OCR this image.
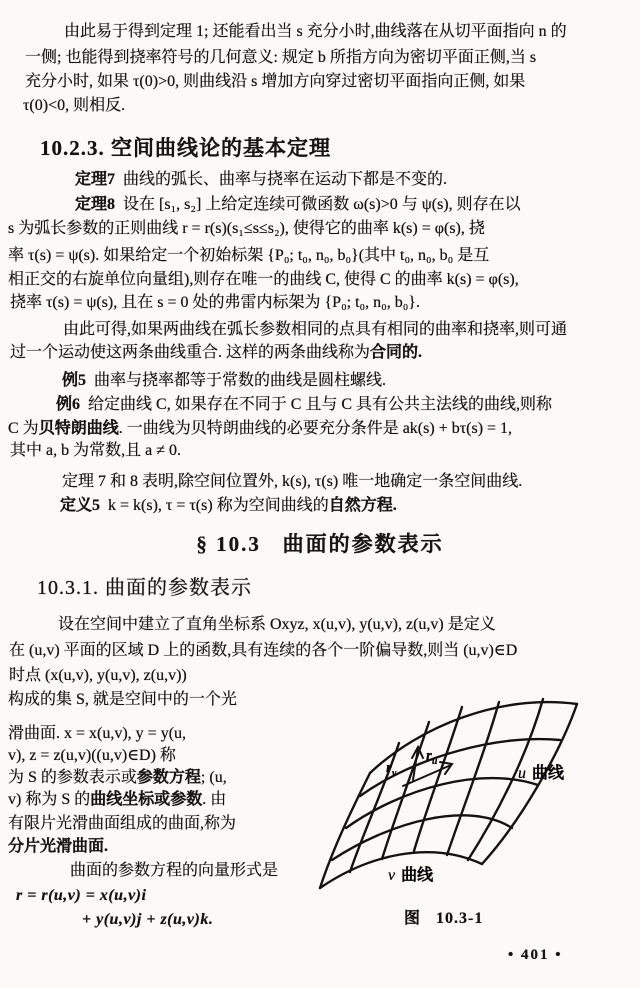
由此易于得到定理 1; 还能看出当 s 充分小时,曲线落在从切平面指向 n 的
一侧; 也能得到挠率符号的几何意义: 规定 b 所指方向为密切平面正侧,当 s
充分小时, 如果 τ(0)>0, 则曲线沿 s 增加方向穿过密切平面指向正侧, 如果
τ(0)<0, 则相反.
10.2.3. 空间曲线论的基本定理
定理7  曲线的弧长、曲率与挠率在运动下都是不变的.
定理8  设在 [s₁, s₂] 上给定连续可微函数 ω(s)>0 与 ψ(s), 则存在以
s 为弧长参数的正则曲线 r = r(s)(s₁≤s≤s₂), 使得它的曲率 k(s) = φ(s), 挠
率 τ(s) = ψ(s). 如果给定一个初始标架 {P₀; t₀, n₀, b₀}(其中 t₀, n₀, b₀ 是互
相正交的右旋单位向量组),则存在唯一的曲线 C, 使得 C 的曲率 k(s) = φ(s),
挠率 τ(s) = ψ(s), 且在 s = 0 处的弗雷内标架为 {P₀; t₀, n₀, b₀}.
由此可得,如果两曲线在弧长参数相同的点具有相同的曲率和挠率,则可通
过一个运动使这两条曲线重合. 这样的两条曲线称为合同的.
例5  曲率与挠率都等于常数的曲线是圆柱螺线.
例6  给定曲线 C, 如果存在不同于 C 且与 C 具有公共主法线的曲线,则称
C 为贝特朗曲线. 一曲线为贝特朗曲线的必要充分条件是 ak(s) + bτ(s) = 1,
其中 a, b 为常数,且 a ≠ 0.
定理 7 和 8 表明,除空间位置外, k(s), τ(s) 唯一地确定一条空间曲线.
定义5  k = k(s), τ = τ(s) 称为空间曲线的自然方程.
§ 10.3   曲面的参数表示
10.3.1. 曲面的参数表示
设在空间中建立了直角坐标系 Oxyz, x(u,v), y(u,v), z(u,v) 是定义
在 (u,v) 平面的区域 D 上的函数,具有连续的各个一阶偏导数,则当 (u,v)∈D
时点 (x(u,v), y(u,v), z(u,v))
构成的集 S, 就是空间中的一个光
滑曲面. x = x(u,v), y = y(u,
v), z = z(u,v)((u,v)∈D) 称
为 S 的参数表示或参数方程; (u,
v) 称为 S 的曲线坐标或参数. 由
有限片光滑曲面组成的曲面,称为
分片光滑曲面.
曲面的参数方程的向量形式是
r = r(u,v) = x(u,v)i
+ y(u,v)j + z(u,v)k.
$r_v$
$r_u$
u 曲线
v 曲线
图   10.3-1
• 401 •
